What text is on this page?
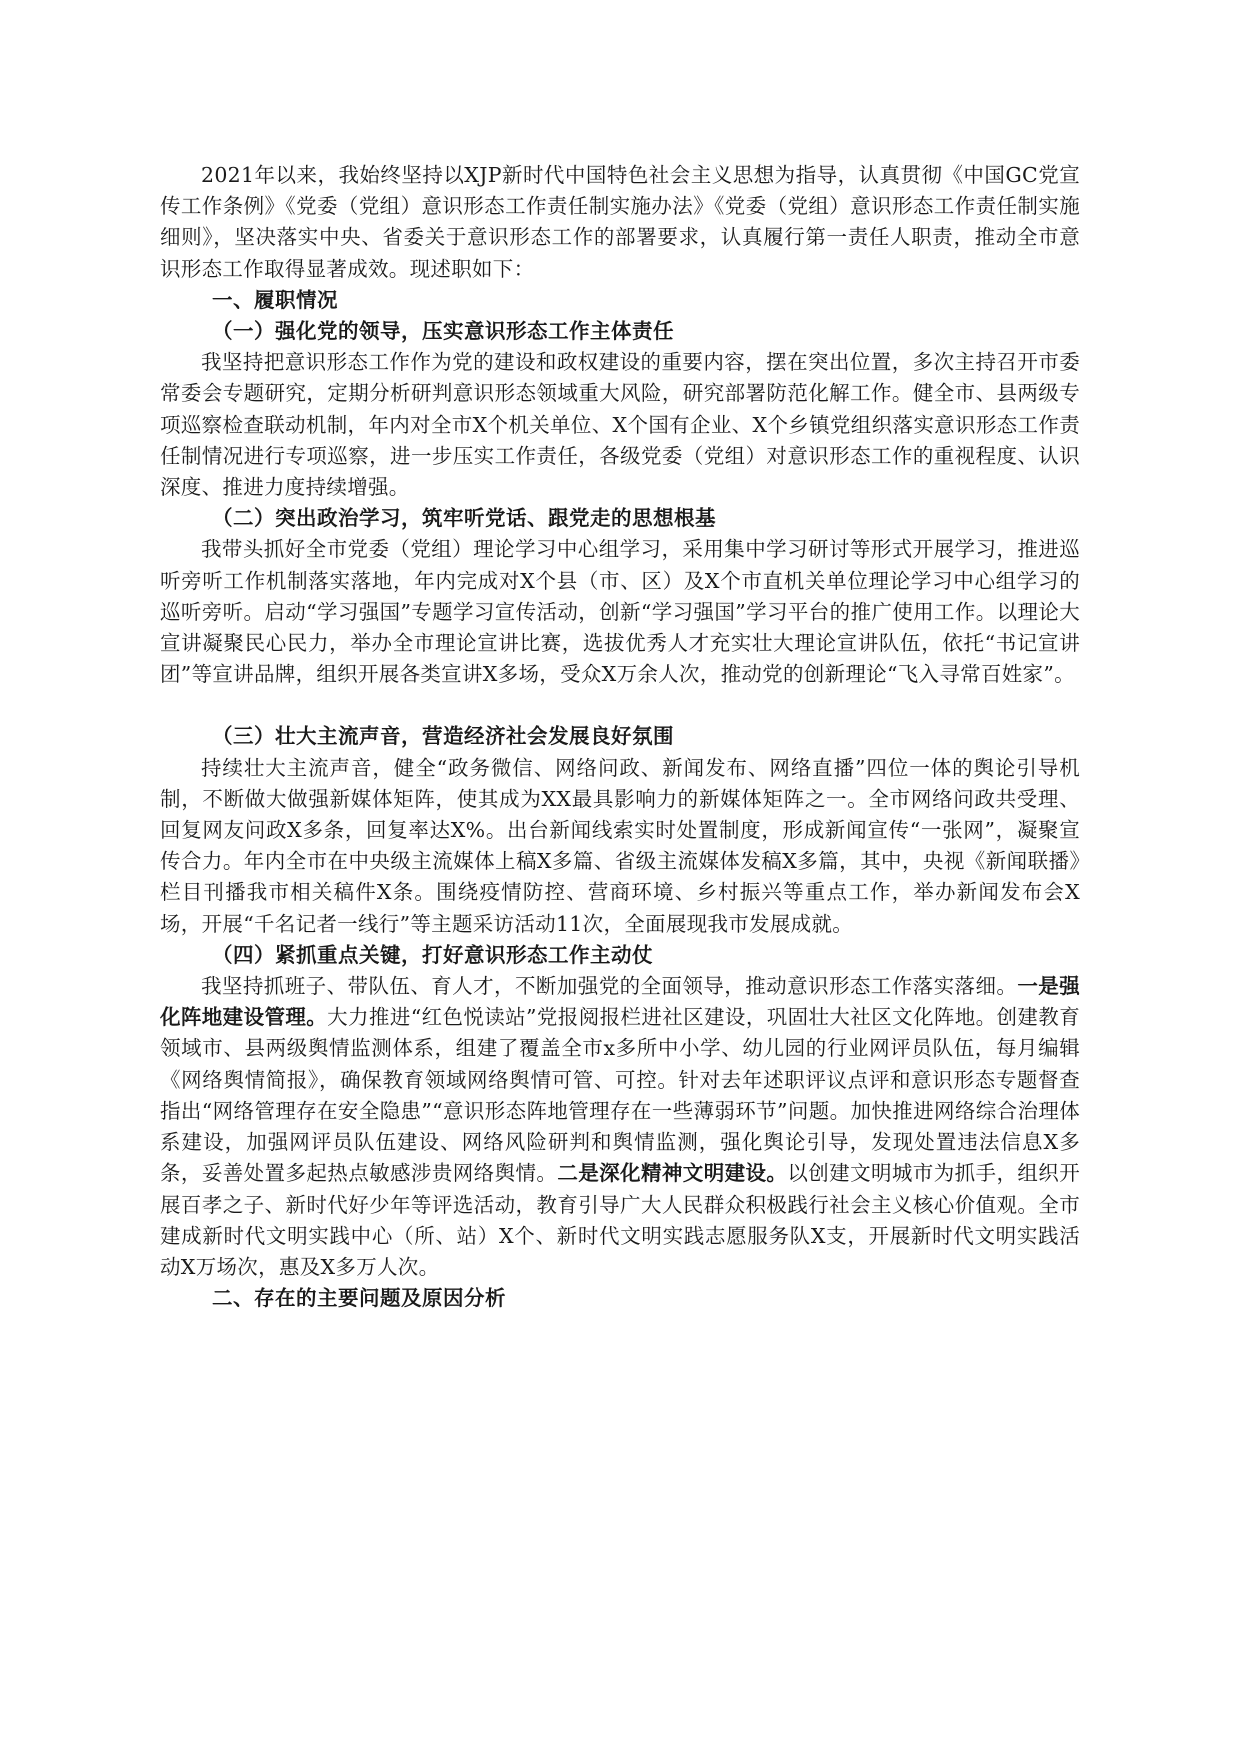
2021年以来，我始终坚持以XJP新时代中国特色社会主义思想为指导，认真贯彻《中国GC党宣传工作条例》《党委（党组）意识形态工作责任制实施办法》《党委（党组）意识形态工作责任制实施细则》，坚决落实中央、省委关于意识形态工作的部署要求，认真履行第一责任人职责，推动全市意识形态工作取得显著成效。现述职如下：

一、履职情况

（一）强化党的领导，压实意识形态工作主体责任

我坚持把意识形态工作作为党的建设和政权建设的重要内容，摆在突出位置，多次主持召开市委常委会专题研究，定期分析研判意识形态领域重大风险，研究部署防范化解工作。健全市、县两级专项巡察检查联动机制，年内对全市X个机关单位、X个国有企业、X个乡镇党组织落实意识形态工作责任制情况进行专项巡察，进一步压实工作责任，各级党委（党组）对意识形态工作的重视程度、认识深度、推进力度持续增强。

（二）突出政治学习，筑牢听党话、跟党走的思想根基

我带头抓好全市党委（党组）理论学习中心组学习，采用集中学习研讨等形式开展学习，推进巡听旁听工作机制落实落地，年内完成对X个县（市、区）及X个市直机关单位理论学习中心组学习的巡听旁听。启动“学习强国”专题学习宣传活动，创新“学习强国”学习平台的推广使用工作。以理论大宣讲凝聚民心民力，举办全市理论宣讲比赛，选拔优秀人才充实壮大理论宣讲队伍，依托“书记宣讲团”等宣讲品牌，组织开展各类宣讲X多场，受众X万余人次，推动党的创新理论“飞入寻常百姓家”。

（三）壮大主流声音，营造经济社会发展良好氛围

持续壮大主流声音，健全“政务微信、网络问政、新闻发布、网络直播”四位一体的舆论引导机制，不断做大做强新媒体矩阵，使其成为XX最具影响力的新媒体矩阵之一。全市网络问政共受理、回复网友问政X多条，回复率达X%。出台新闻线索实时处置制度，形成新闻宣传“一张网”，凝聚宣传合力。年内全市在中央级主流媒体上稿X多篇、省级主流媒体发稿X多篇，其中，央视《新闻联播》栏目刊播我市相关稿件X条。围绕疫情防控、营商环境、乡村振兴等重点工作，举办新闻发布会X场，开展“千名记者一线行”等主题采访活动11次，全面展现我市发展成就。

（四）紧抓重点关键，打好意识形态工作主动仗

我坚持抓班子、带队伍、育人才，不断加强党的全面领导，推动意识形态工作落实落细。一是强化阵地建设管理。大力推进“红色悦读站”党报阅报栏进社区建设，巩固壮大社区文化阵地。创建教育领域市、县两级舆情监测体系，组建了覆盖全市x多所中小学、幼儿园的行业网评员队伍，每月编辑《网络舆情简报》，确保教育领域网络舆情可管、可控。针对去年述职评议点评和意识形态专题督查指出“网络管理存在安全隐患”“意识形态阵地管理存在一些薄弱环节”问题。加快推进网络综合治理体系建设，加强网评员队伍建设、网络风险研判和舆情监测，强化舆论引导，发现处置违法信息X多条，妥善处置多起热点敏感涉贵网络舆情。二是深化精神文明建设。以创建文明城市为抓手，组织开展百孝之子、新时代好少年等评选活动，教育引导广大人民群众积极践行社会主义核心价值观。全市建成新时代文明实践中心（所、站）X个、新时代文明实践志愿服务队X支，开展新时代文明实践活动X万场次，惠及X多万人次。

二、存在的主要问题及原因分析
